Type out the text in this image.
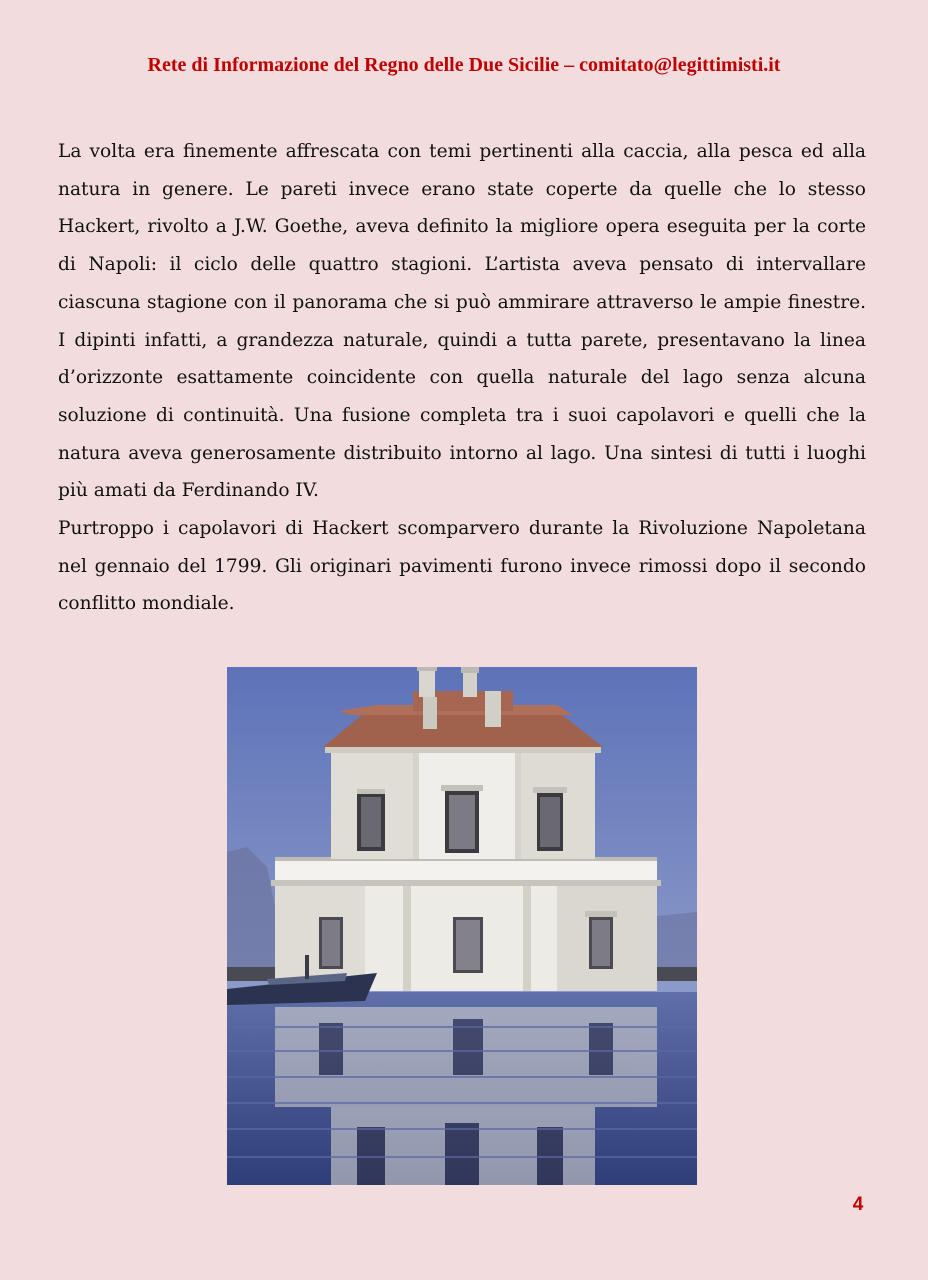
Rete di Informazione del Regno delle Due Sicilie – comitato@legittimisti.it

La volta era finemente affrescata con temi pertinenti alla caccia, alla pesca ed alla natura in genere. Le pareti invece erano state coperte da quelle che lo stesso Hackert, rivolto a J.W. Goethe, aveva definito la migliore opera eseguita per la corte di Napoli: il ciclo delle quattro stagioni. L’artista aveva pensato di intervallare ciascuna stagione con il panorama che si può ammirare attraverso le ampie finestre. I dipinti infatti, a grandezza naturale, quindi a tutta parete, presentavano la linea d’orizzonte esattamente coincidente con quella naturale del lago senza alcuna soluzione di continuità. Una fusione completa tra i suoi capolavori e quelli che la natura aveva generosamente distribuito intorno al lago. Una sintesi di tutti i luoghi più amati da Ferdinando IV.

Purtroppo i capolavori di Hackert scomparvero durante la Rivoluzione Napoletana nel gennaio del 1799. Gli originari pavimenti furono invece rimossi dopo il secondo conflitto mondiale.

4
